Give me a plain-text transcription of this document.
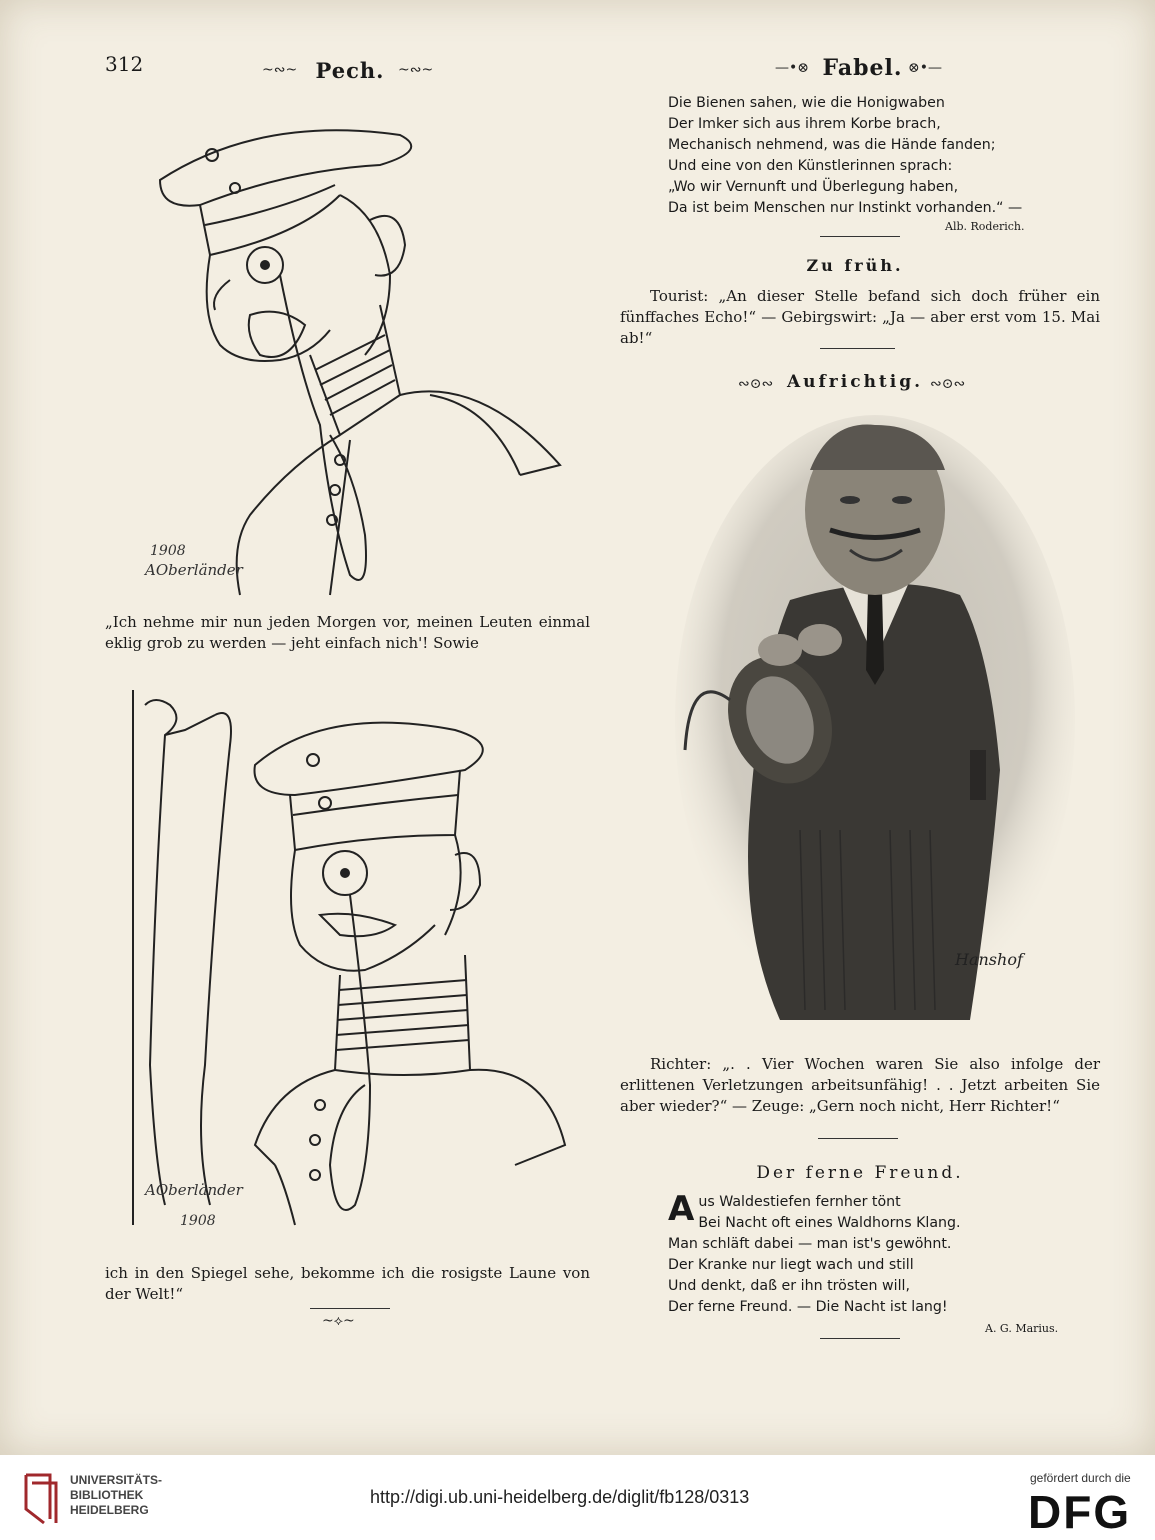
312	~∾~ Pech. ~∾~
1908
AOberländer
„Ich nehme mir nun jeden Morgen vor, meinen Leuten einmal eklig grob zu werden — jeht einfach nich'! Sowie
AOberländer
1908
ich in den Spiegel sehe, bekomme ich die rosigste Laune von der Welt!“
~⟡~
—•⊗ Fabel. ⊗•—
Die Bienen sahen, wie die Honigwaben
Der Imker sich aus ihrem Korbe brach,
Mechanisch nehmend, was die Hände fanden;
Und eine von den Künstlerinnen sprach:
„Wo wir Vernunft und Überlegung haben,
Da ist beim Menschen nur Instinkt vorhanden.“ —
Alb. Roderich.
Zu früh.
Tourist: „An dieser Stelle befand sich doch früher ein fünffaches Echo!“ — Gebirgswirt: „Ja — aber erst vom 15. Mai ab!“
∾⊙∾ Aufrichtig. ∾⊙∾
Hanshof
Richter: „. . Vier Wochen waren Sie also infolge der erlittenen Verletzungen arbeitsunfähig! . . Jetzt arbeiten Sie aber wieder?“ — Zeuge: „Gern noch nicht, Herr Richter!“
Der ferne Freund.
A us Waldestiefen fernher tönt
Bei Nacht oft eines Waldhorns Klang.
Man schläft dabei — man ist's gewöhnt.
Der Kranke nur liegt wach und still
Und denkt, daß er ihn trösten will,
Der ferne Freund. — Die Nacht ist lang!
A. G. Marius.
UNIVERSITÄTS-
BIBLIOTHEK
HEIDELBERG
http://digi.ub.uni-heidelberg.de/diglit/fb128/0313
gefördert durch die
DFG
